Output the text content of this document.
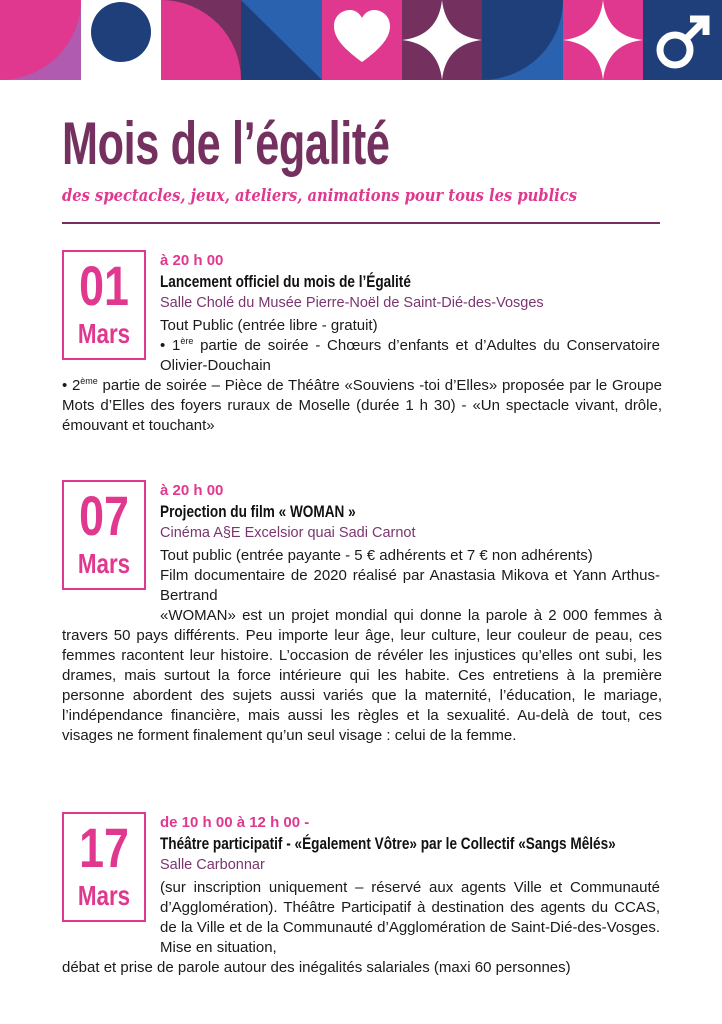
Mois de l’égalité
des spectacles, jeux, ateliers, animations pour tous les publics
01
Mars
à 20 h 00
Lancement officiel du mois de l’Égalité
Salle Cholé du Musée Pierre-Noël de Saint-Dié-des-Vosges

Tout Public (entrée libre - gratuit)

• 1ère partie de soirée - Chœurs d’enfants et d’Adultes du Conservatoire Olivier-Douchain

• 2ème partie de soirée – Pièce de Théâtre «Souviens -toi d’Elles» proposée par le Groupe Mots d’Elles des foyers ruraux de Moselle (durée 1 h 30) - «Un spectacle vivant, drôle, émouvant et touchant»

07
Mars
à 20 h 00
Projection du film « WOMAN »
Cinéma A§E Excelsior quai Sadi Carnot

Tout public (entrée payante - 5 € adhérents et 7 € non adhérents)

Film documentaire de 2020 réalisé par Anastasia Mikova et Yann Arthus-Bertrand

«WOMAN» est un projet mondial qui donne la parole à 2 000 femmes à travers 50 pays différents. Peu importe leur âge, leur culture, leur couleur de peau, ces femmes racontent leur histoire. L’occasion de révéler les injustices qu’elles ont subi, les drames, mais surtout la force intérieure qui les habite. Ces entretiens à la première personne abordent des sujets aussi variés que la maternité, l’éducation, le mariage, l’indépendance financière, mais aussi les règles et la sexualité. Au-delà de tout, ces visages ne forment finalement qu’un seul visage : celui de la femme.

17
Mars
de 10 h 00 à 12 h 00 -
Théâtre participatif - «Également Vôtre» par le Collectif «Sangs Mêlés»
Salle Carbonnar

(sur inscription uniquement – réservé aux agents Ville et Communauté d’Agglomération). Théâtre Participatif à destination des agents du CCAS, de la Ville et de la Communauté d’Agglomération de Saint-Dié-des-Vosges. Mise en situation,

débat et prise de parole autour des inégalités salariales (maxi 60 personnes)
